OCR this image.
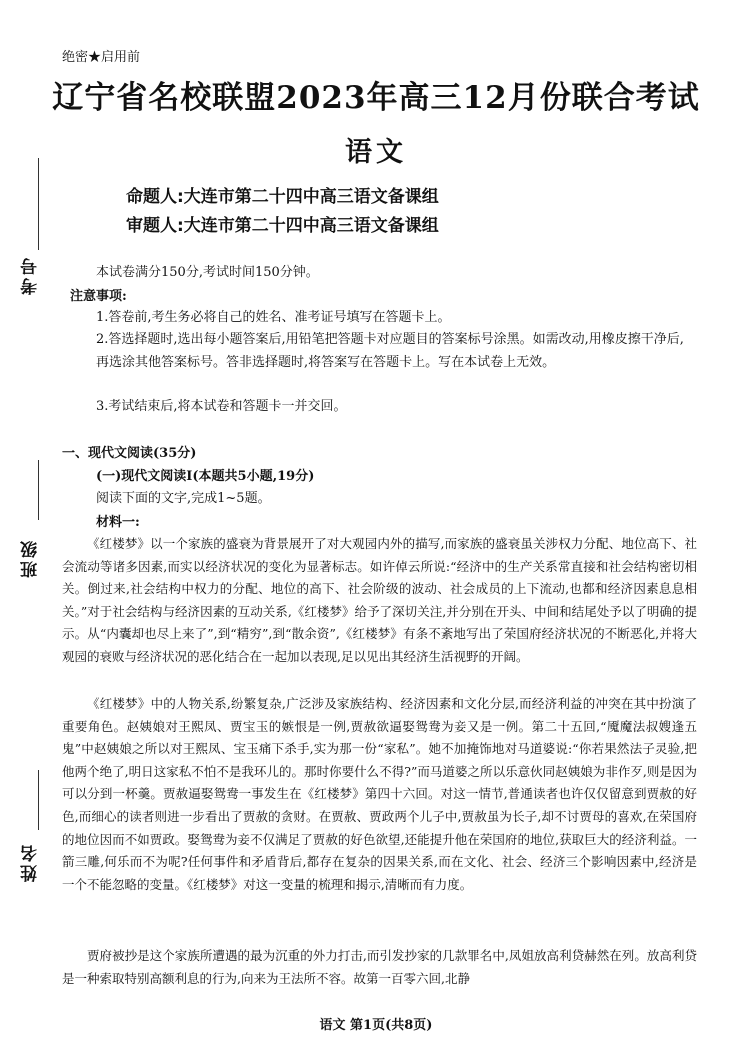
绝密★启用前
辽宁省名校联盟2023年高三12月份联合考试
语文
命题人:大连市第二十四中高三语文备课组
审题人:大连市第二十四中高三语文备课组
考号
班级
姓名
本试卷满分150分,考试时间150分钟。
注意事项:
1.答卷前,考生务必将自己的姓名、准考证号填写在答题卡上。
2.答选择题时,选出每小题答案后,用铅笔把答题卡对应题目的答案标号涂黑。如需改动,用橡皮擦干净后,再选涂其他答案标号。答非选择题时,将答案写在答题卡上。写在本试卷上无效。
3.考试结束后,将本试卷和答题卡一并交回。
一、现代文阅读(35分)
(一)现代文阅读Ⅰ(本题共5小题,19分)
阅读下面的文字,完成1~5题。
材料一:
《红楼梦》以一个家族的盛衰为背景展开了对大观园内外的描写,而家族的盛衰虽关涉权力分配、地位高下、社会流动等诸多因素,而实以经济状况的变化为显著标志。如许倬云所说:“经济中的生产关系常直接和社会结构密切相关。倒过来,社会结构中权力的分配、地位的高下、社会阶级的波动、社会成员的上下流动,也都和经济因素息息相关。”对于社会结构与经济因素的互动关系,《红楼梦》给予了深切关注,并分别在开头、中间和结尾处予以了明确的提示。从“内囊却也尽上来了”,到“精穷”,到“散余资”,《红楼梦》有条不紊地写出了荣国府经济状况的不断恶化,并将大观园的衰败与经济状况的恶化结合在一起加以表现,足以见出其经济生活视野的开阔。
《红楼梦》中的人物关系,纷繁复杂,广泛涉及家族结构、经济因素和文化分层,而经济利益的冲突在其中扮演了重要角色。赵姨娘对王熙凤、贾宝玉的嫉恨是一例,贾赦欲逼娶鸳鸯为妾又是一例。第二十五回,“魇魔法叔嫂逢五鬼”中赵姨娘之所以对王熙凤、宝玉痛下杀手,实为那一份“家私”。她不加掩饰地对马道婆说:“你若果然法子灵验,把他两个绝了,明日这家私不怕不是我环儿的。那时你要什么不得?”而马道婆之所以乐意伙同赵姨娘为非作歹,则是因为可以分到一杯羹。贾赦逼娶鸳鸯一事发生在《红楼梦》第四十六回。对这一情节,普通读者也许仅仅留意到贾赦的好色,而细心的读者则进一步看出了贾赦的贪财。在贾赦、贾政两个儿子中,贾赦虽为长子,却不讨贾母的喜欢,在荣国府的地位因而不如贾政。娶鸳鸯为妾不仅满足了贾赦的好色欲望,还能提升他在荣国府的地位,获取巨大的经济利益。一箭三雕,何乐而不为呢?任何事件和矛盾背后,都存在复杂的因果关系,而在文化、社会、经济三个影响因素中,经济是一个不能忽略的变量。《红楼梦》对这一变量的梳理和揭示,清晰而有力度。
贾府被抄是这个家族所遭遇的最为沉重的外力打击,而引发抄家的几款罪名中,凤姐放高利贷赫然在列。放高利贷是一种索取特别高额利息的行为,向来为王法所不容。故第一百零六回,北静
语文 第1页(共8页)
